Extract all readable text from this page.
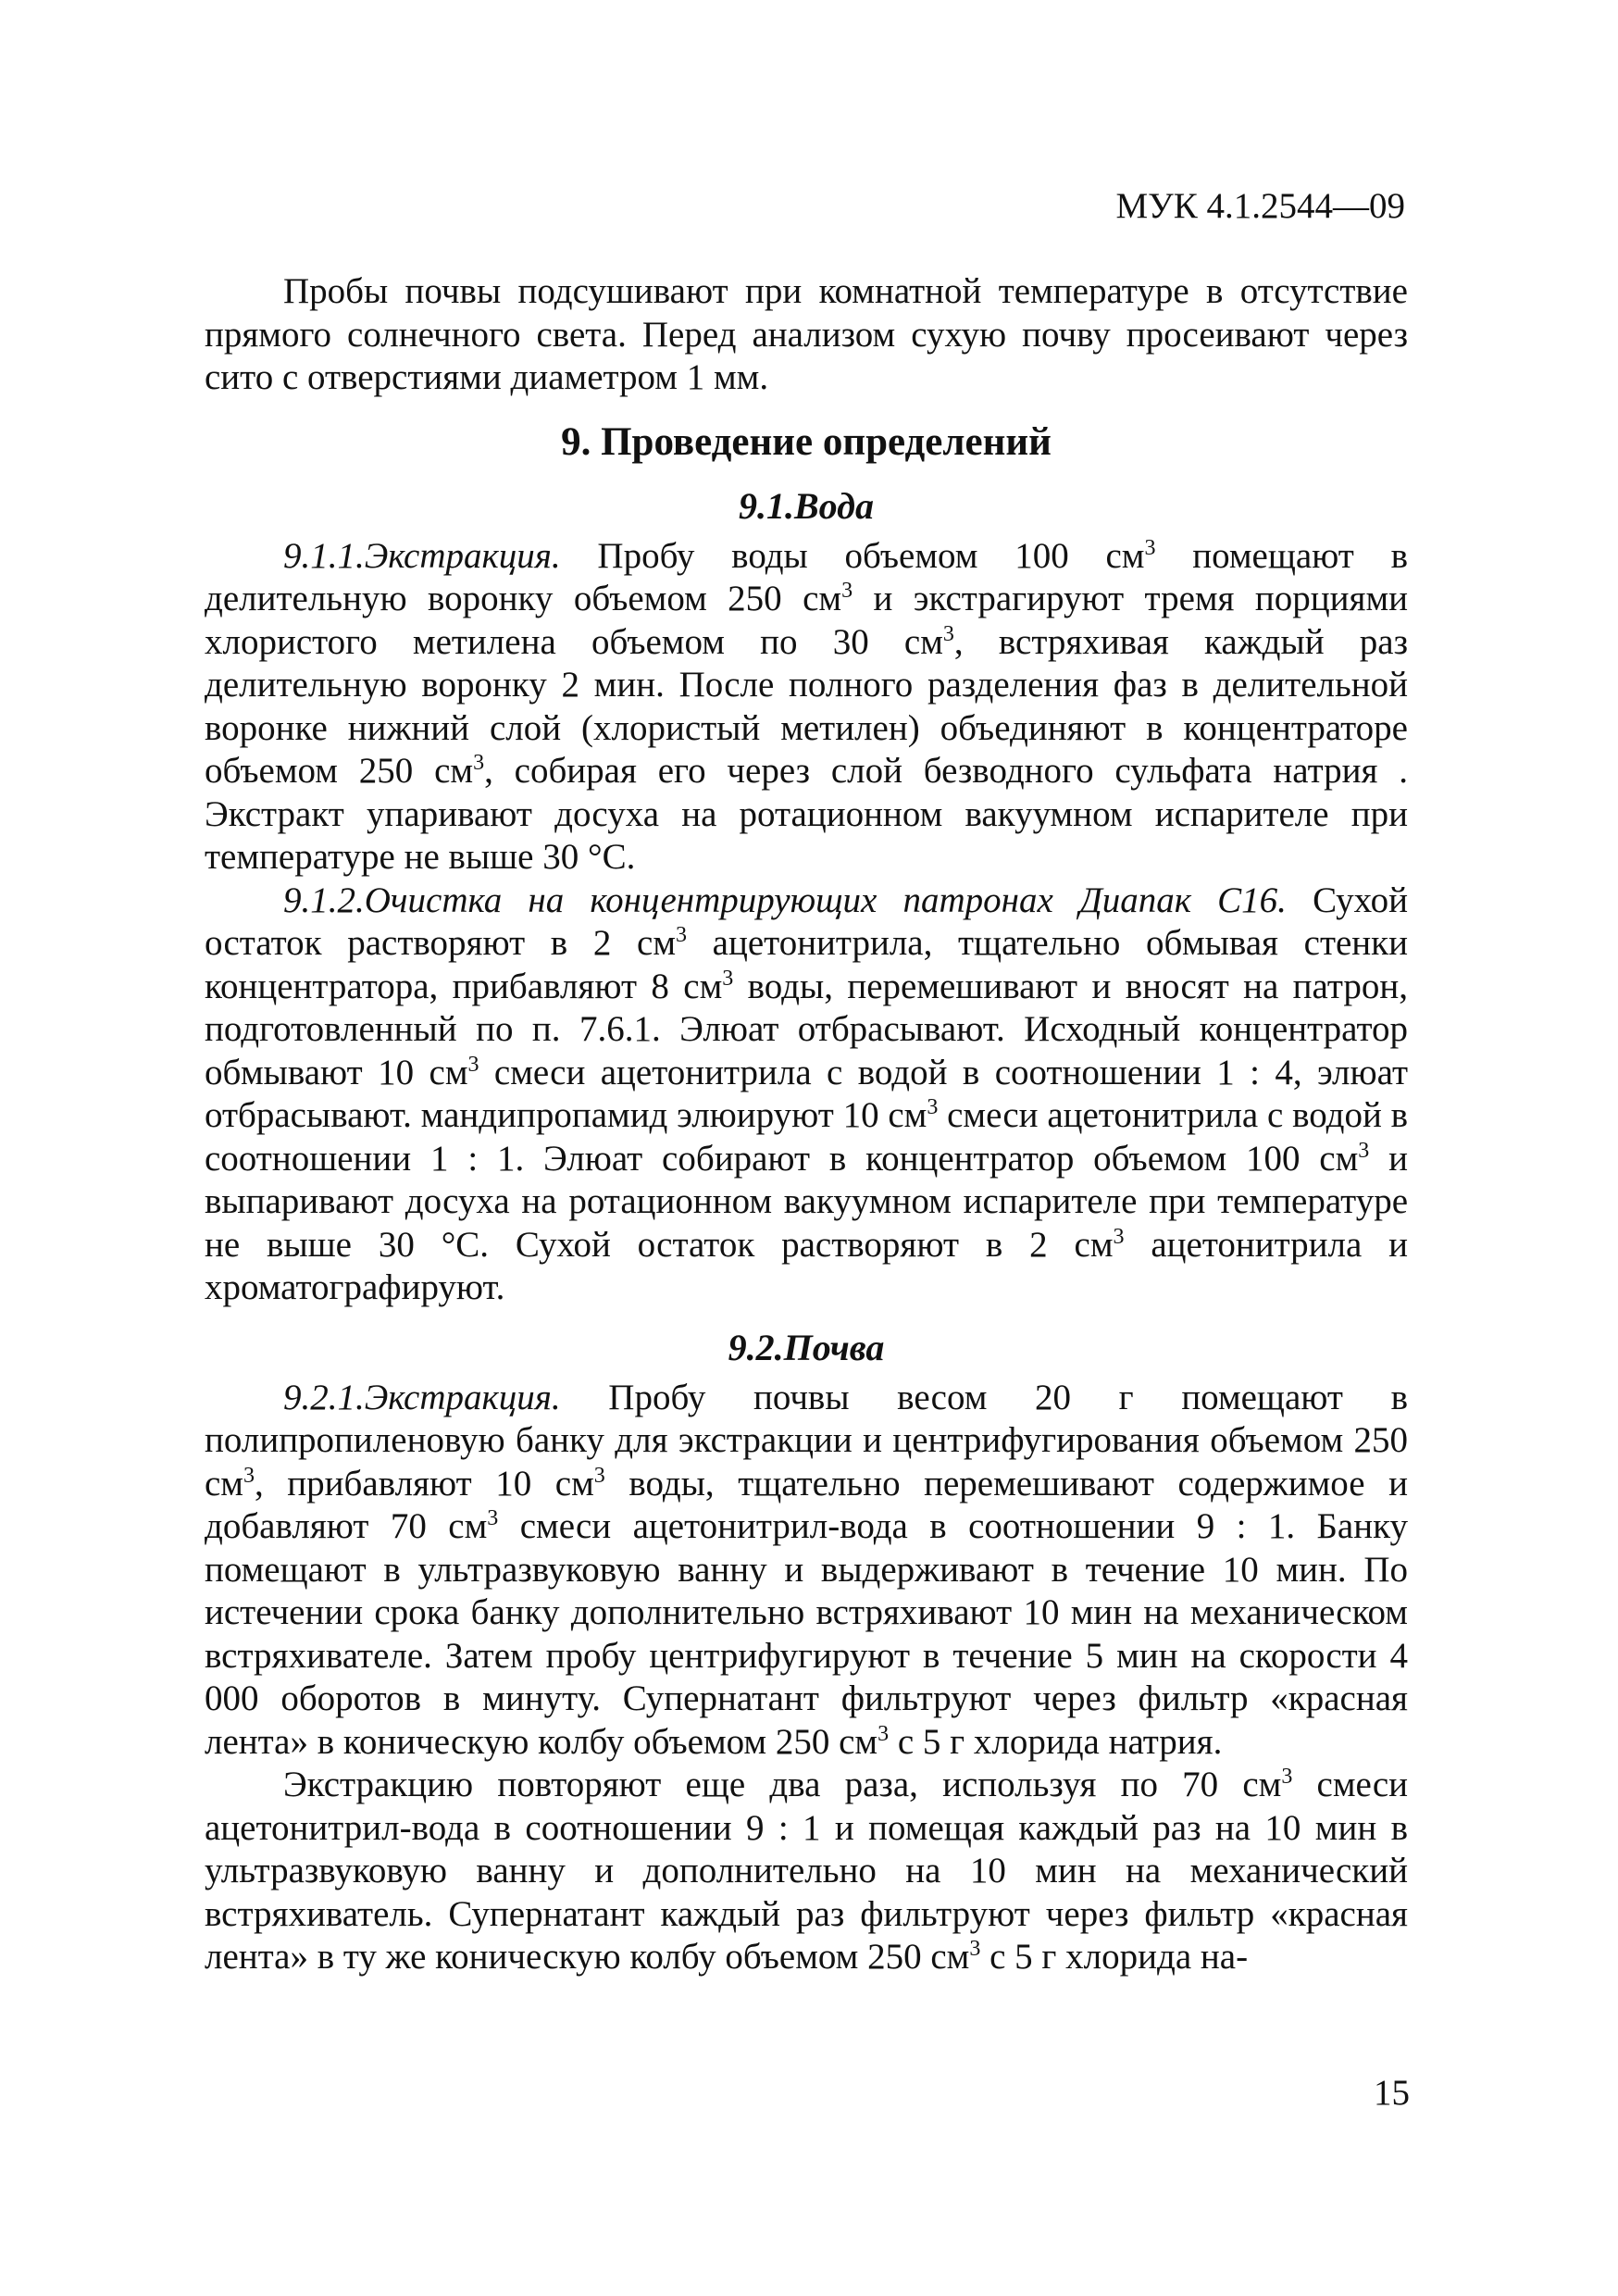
МУК 4.1.2544—09

Пробы почвы подсушивают при комнатной температуре в отсутствие прямого солнечного света. Перед анализом сухую почву просеивают через сито с отверстиями диаметром 1 мм.

9. Проведение определений
9.1.Вода

9.1.1.Экстракция. Пробу воды объемом 100 $см^3$ помещают в делительную воронку объемом 250 $см^3$ и экстрагируют тремя порциями хлористого метилена объемом по 30 $см^3$, встряхивая каждый раз делительную воронку 2 мин. После полного разделения фаз в делительной воронке нижний слой (хлористый метилен) объединяют в концентраторе объемом 250 $см^3$, собирая его через слой безводного сульфата натрия . Экстракт упаривают досуха на ротационном вакуумном испарителе при температуре не выше 30 °С.

9.1.2.Очистка на концентрирующих патронах Диапак С16. Сухой остаток растворяют в 2 $см^3$ ацетонитрила, тщательно обмывая стенки концентратора, прибавляют 8 $см^3$ воды, перемешивают и вносят на патрон, подготовленный по п. 7.6.1. Элюат отбрасывают. Исходный концентратор обмывают 10 $см^3$ смеси ацетонитрила с водой в соотношении 1 : 4, элюат отбрасывают. мандипропамид элюируют 10 $см^3$ смеси ацетонитрила с водой в соотношении 1 : 1. Элюат собирают в концентратор объемом 100 $см^3$ и выпаривают досуха на ротационном вакуумном испарителе при температуре не выше 30 °С. Сухой остаток растворяют в 2 $см^3$ ацетонитрила и хроматографируют.

9.2.Почва

9.2.1.Экстракция. Пробу почвы весом 20 г помещают в полипропиленовую банку для экстракции и центрифугирования объемом 250 $см^3$, прибавляют 10 $см^3$ воды, тщательно перемешивают содержимое и добавляют 70 $см^3$ смеси ацетонитрил-вода в соотношении 9 : 1. Банку помещают в ультразвуковую ванну и выдерживают в течение 10 мин. По истечении срока банку дополнительно встряхивают 10 мин на механическом встряхивателе. Затем пробу центрифугируют в течение 5 мин на скорости 4 000 оборотов в минуту. Супернатант фильтруют через фильтр «красная лента» в коническую колбу объемом 250 $см^3$ с 5 г хлорида натрия.

Экстракцию повторяют еще два раза, используя по 70 $см^3$ смеси ацетонитрил-вода в соотношении 9 : 1 и помещая каждый раз на 10 мин в ультразвуковую ванну и дополнительно на 10 мин на механический встряхиватель. Супернатант каждый раз фильтруют через фильтр «красная лента» в ту же коническую колбу объемом 250 $см^3$ с 5 г хлорида на-

15
